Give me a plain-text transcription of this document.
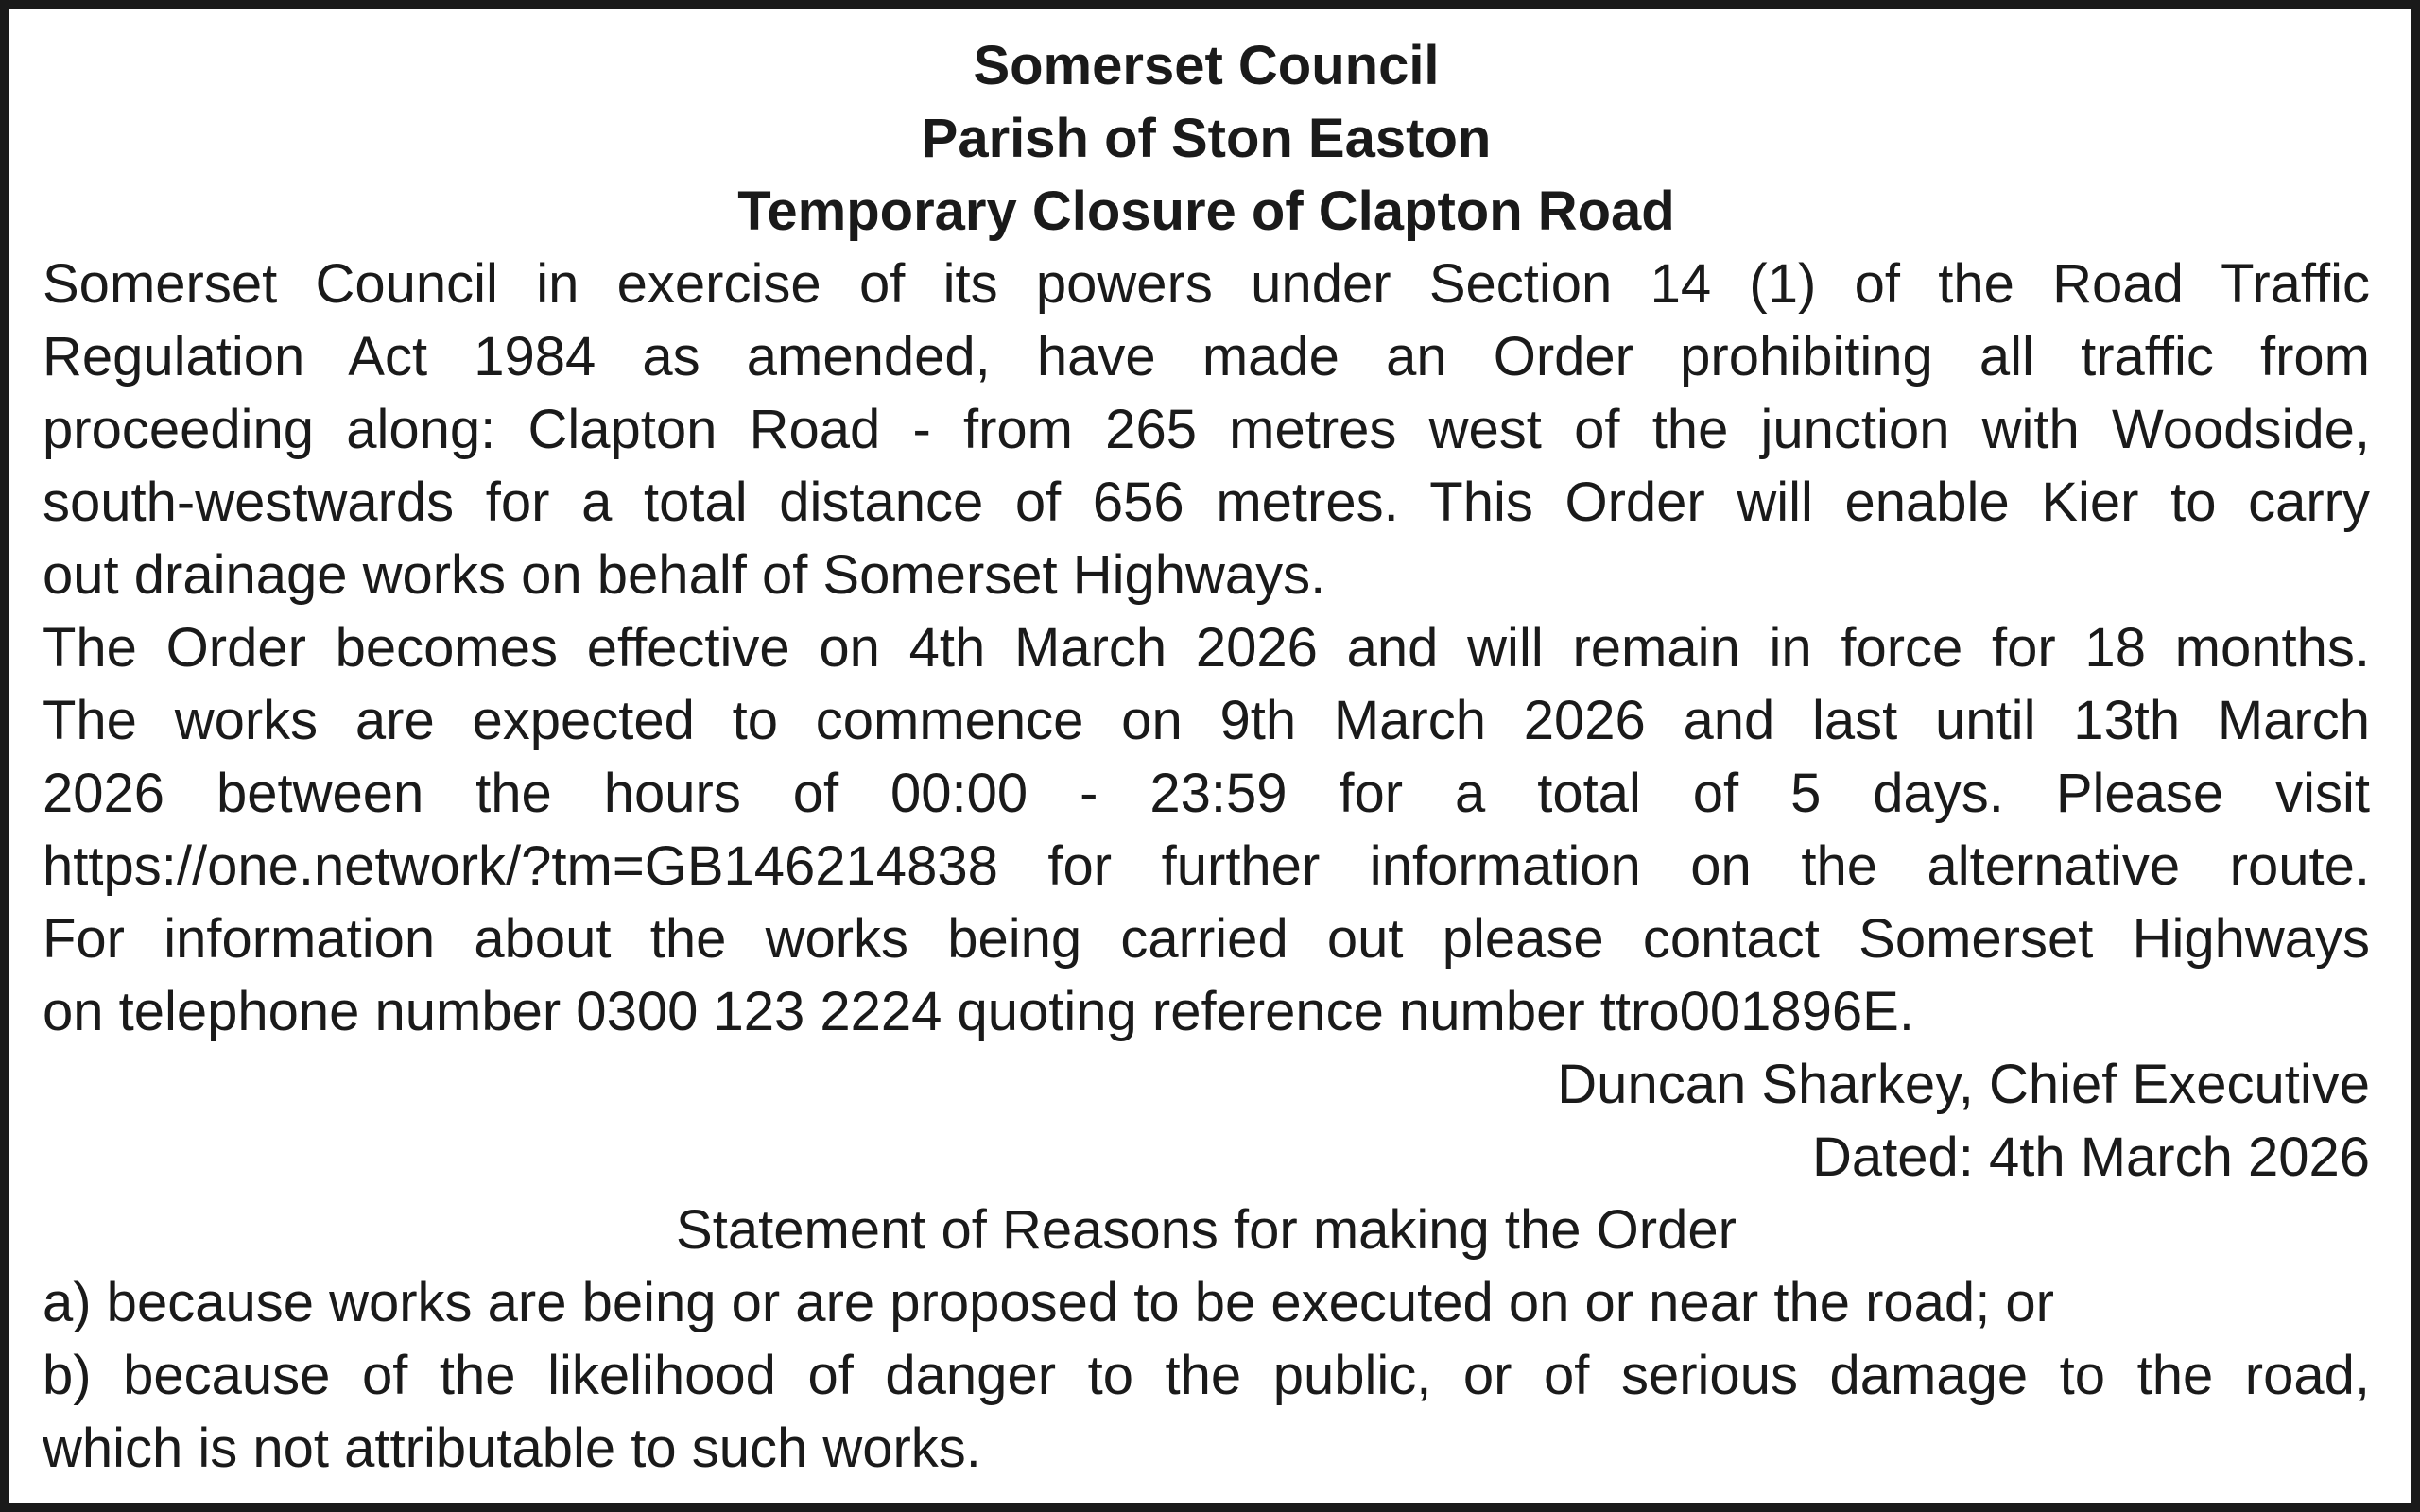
Somerset Council
Parish of Ston Easton
Temporary Closure of Clapton Road
Somerset Council in exercise of its powers under Section 14 (1) of the Road Traffic
Regulation Act 1984 as amended, have made an Order prohibiting all traffic from
proceeding along: Clapton Road - from 265 metres west of the junction with Woodside,
south-westwards for a total distance of 656 metres. This Order will enable Kier to carry
out drainage works on behalf of Somerset Highways.
The Order becomes effective on 4th March 2026 and will remain in force for 18 months.
The works are expected to commence on 9th March 2026 and last until 13th March
2026 between the hours of 00:00 - 23:59 for a total of 5 days. Please visit
https://one.network/?tm=GB146214838 for further information on the alternative route.
For information about the works being carried out please contact Somerset Highways
on telephone number 0300 123 2224 quoting reference number ttro001896E.
Duncan Sharkey, Chief Executive
Dated: 4th March 2026
Statement of Reasons for making the Order
a) because works are being or are proposed to be executed on or near the road; or
b) because of the likelihood of danger to the public, or of serious damage to the road,
which is not attributable to such works.
